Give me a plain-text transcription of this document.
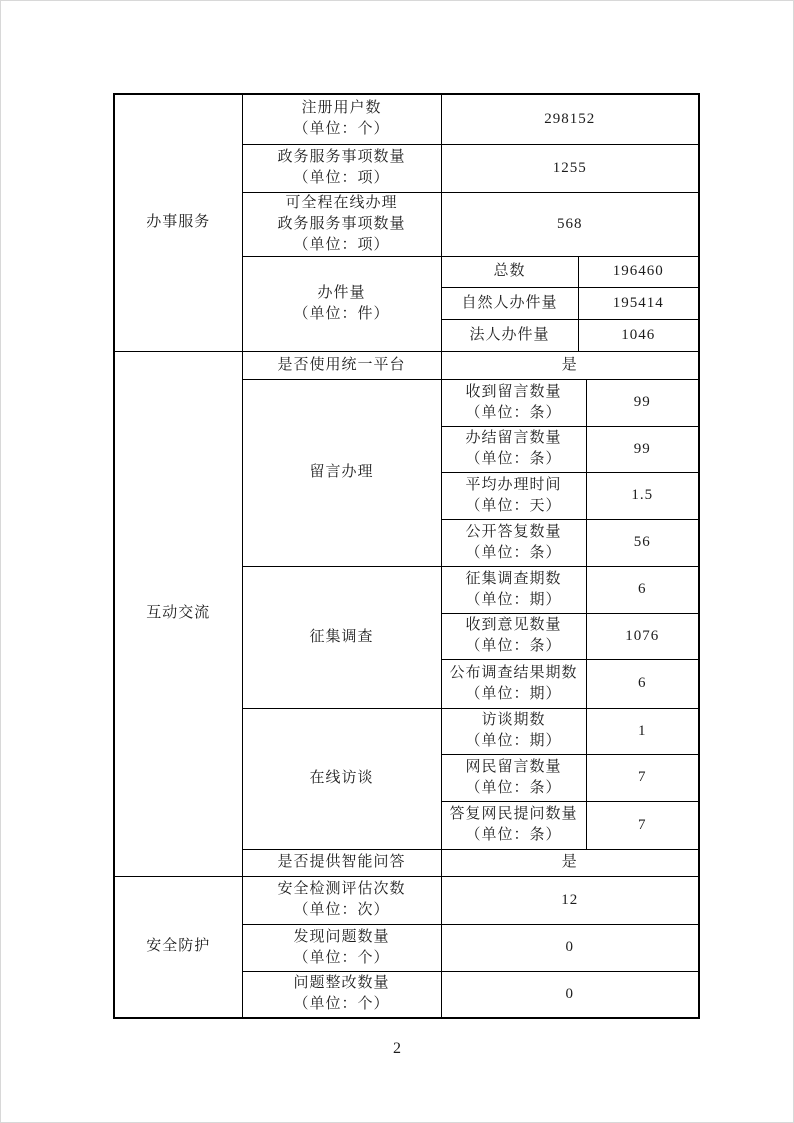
办事服务	注册用户数
（单位：个）	298152		

	政务服务事项数量
（单位：项）	1255		

	可全程在线办理
政务服务事项数量
（单位：项）	568		

	办件量
（单位：件）	总数	196460	
		自然人办件量	195414	
		法人办件量	1046	
互动交流	是否使用统一平台	是		
	留言办理	收到留言数量
（单位：条）		99

		办结留言数量
（单位：条）		99

		平均办理时间
（单位：天）		1.5

		公开答复数量
（单位：条）		56
	征集调查	征集调查期数
（单位：期）		6

		收到意见数量
（单位：条）		1076

		公布调查结果期数
（单位：期）		6
	在线访谈	访谈期数
（单位：期）		1

		网民留言数量
（单位：条）		7

		答复网民提问数量
（单位：条）		7
	是否提供智能问答	是		
安全防护	安全检测评估次数
（单位：次）	12		

	发现问题数量
（单位：个）	0		

	问题整改数量
（单位：个）	0		
2
